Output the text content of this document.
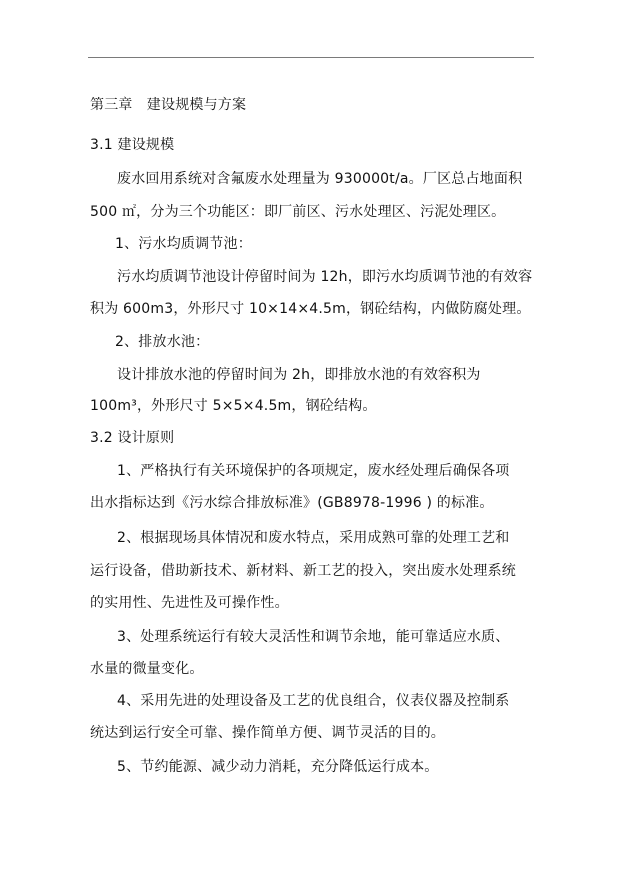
第三章　建设规模与方案
3.1 建设规模
废水回用系统对含氟废水处理量为 930000t/a。厂区总占地面积
500 ㎡，分为三个功能区：即厂前区、污水处理区、污泥处理区。
1、污水均质调节池：
污水均质调节池设计停留时间为 12h，即污水均质调节池的有效容
积为 600m3，外形尺寸 10×14×4.5m，钢砼结构，内做防腐处理。
2、排放水池：
设计排放水池的停留时间为 2h，即排放水池的有效容积为
100m³，外形尺寸 5×5×4.5m，钢砼结构。
3.2 设计原则
1、严格执行有关环境保护的各项规定，废水经处理后确保各项
出水指标达到《污水综合排放标准》(GB8978-1996 ) 的标准。
2、根据现场具体情况和废水特点，采用成熟可靠的处理工艺和
运行设备，借助新技术、新材料、新工艺的投入，突出废水处理系统
的实用性、先进性及可操作性。
3、处理系统运行有较大灵活性和调节余地，能可靠适应水质、
水量的微量变化。
4、采用先进的处理设备及工艺的优良组合，仪表仪器及控制系
统达到运行安全可靠、操作简单方便、调节灵活的目的。
5、节约能源、减少动力消耗，充分降低运行成本。
